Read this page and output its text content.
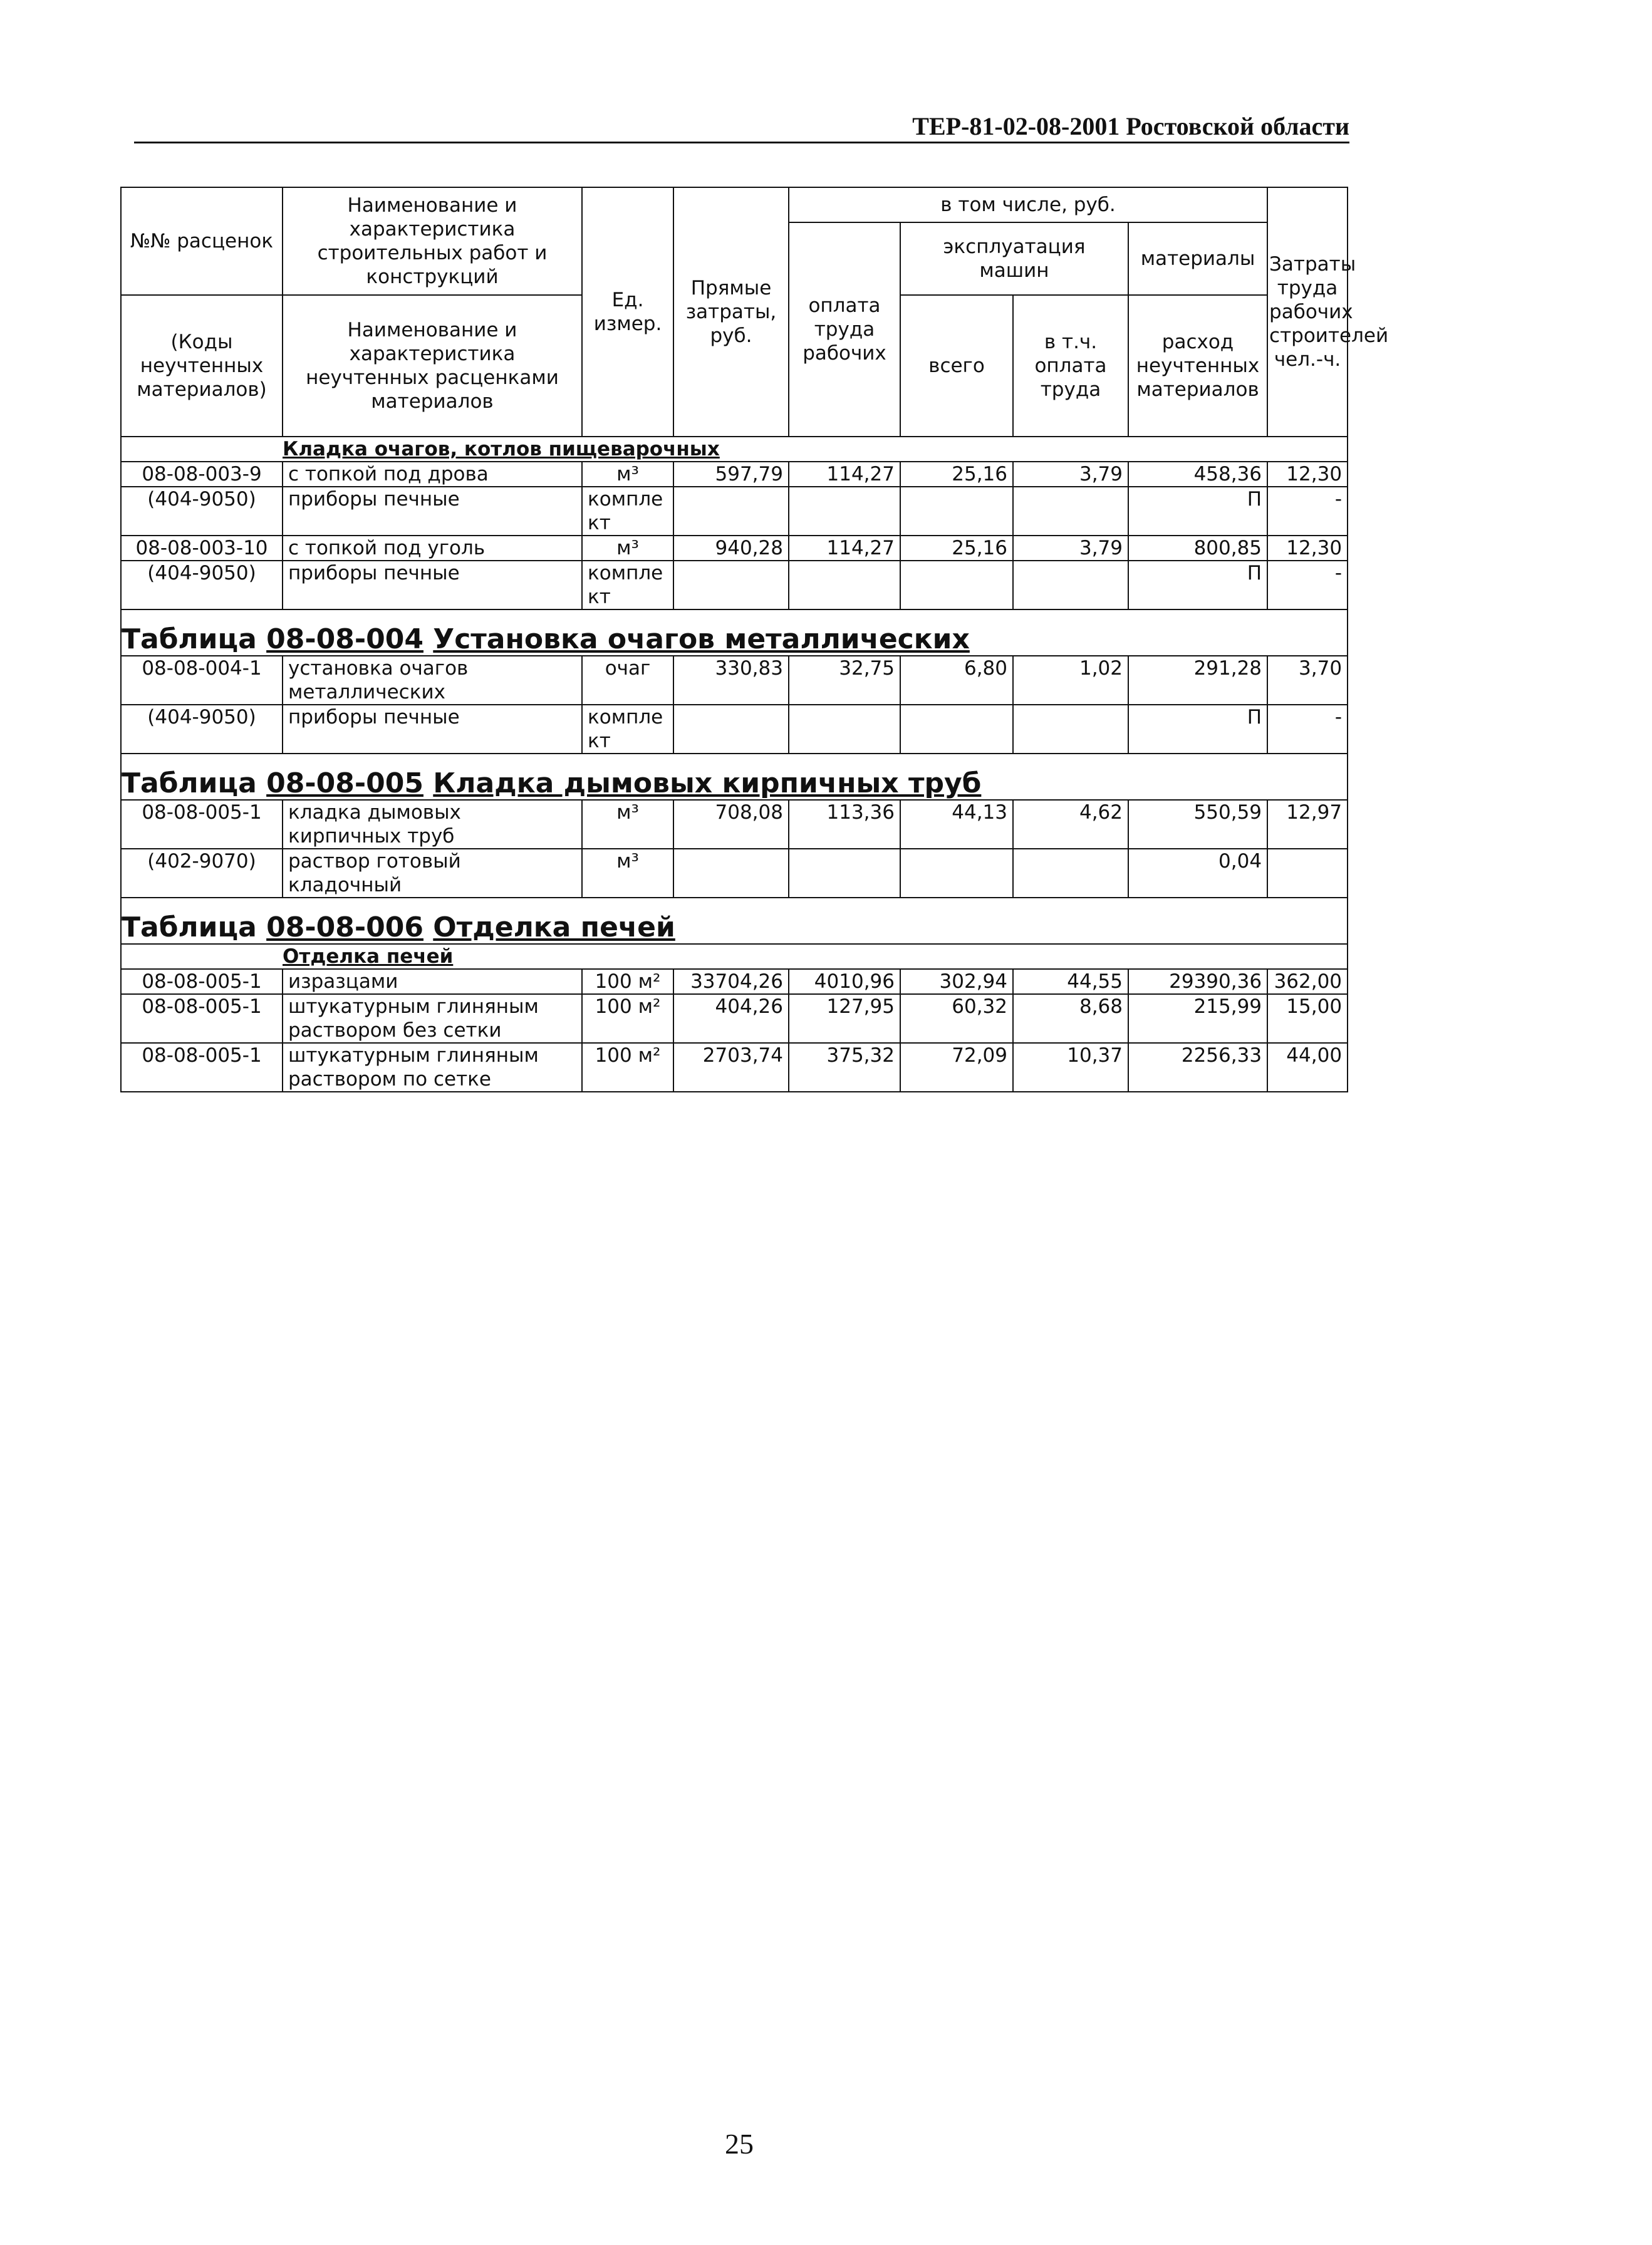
ТЕР-81-02-08-2001 Ростовской области
№№ расценок	Наименование и характеристика строительных работ и конструкций	Ед. измер.	Прямые затраты, руб.	в том числе, руб.				Затраты труда рабочих строителей чел.-ч.
				оплата труда рабочих	эксплуатация машин		материалы	
(Коды неучтенных материалов)	Наименование и характеристика неучтенных расценками материалов				всего	в т.ч. оплата труда	расход неучтенных материалов	

	Кладка очагов, котлов пищеварочных							
08-08-003-9	с топкой под дрова	м³	597,79	114,27	25,16	3,79	458,36	12,30
(404-9050)	приборы печные	комплект					П	-
08-08-003-10	с топкой под уголь	м³	940,28	114,27	25,16	3,79	800,85	12,30
(404-9050)	приборы печные	комплект					П	-
Таблица 08-08-004 Установка очагов металлических								
08-08-004-1	установка очагов металлических	очаг	330,83	32,75	6,80	1,02	291,28	3,70
(404-9050)	приборы печные	комплект					П	-
Таблица 08-08-005 Кладка дымовых кирпичных труб								
08-08-005-1	кладка дымовых кирпичных труб	м³	708,08	113,36	44,13	4,62	550,59	12,97
(402-9070)	раствор готовый кладочный	м³					0,04	
Таблица 08-08-006 Отделка печей								
	Отделка печей							
08-08-005-1	изразцами	100 м²	33704,26	4010,96	302,94	44,55	29390,36	362,00
08-08-005-1	штукатурным глиняным раствором без сетки	100 м²	404,26	127,95	60,32	8,68	215,99	15,00
08-08-005-1	штукатурным глиняным раствором по сетке	100 м²	2703,74	375,32	72,09	10,37	2256,33	44,00
25
